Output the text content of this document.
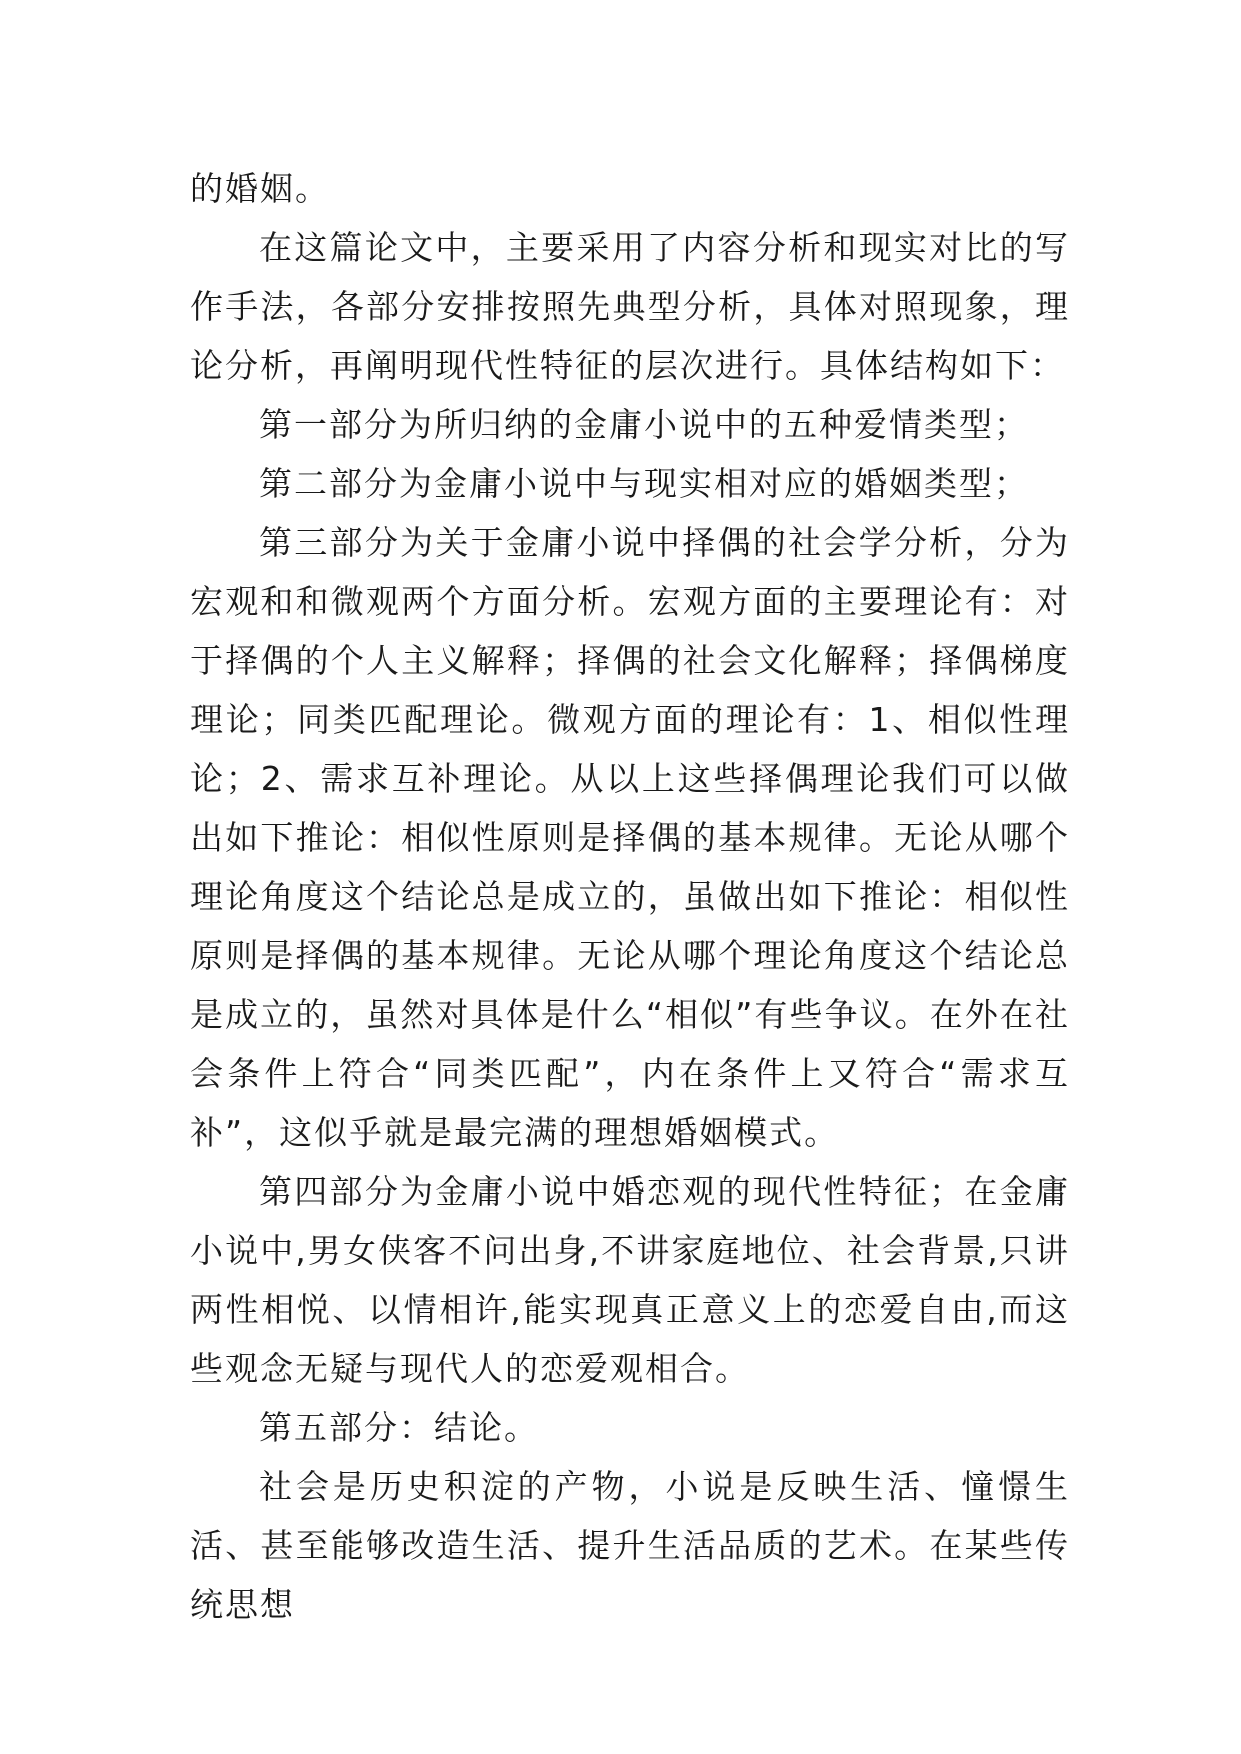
的婚姻。

在这篇论文中，主要采用了内容分析和现实对比的写作手法，各部分安排按照先典型分析，具体对照现象，理论分析，再阐明现代性特征的层次进行。具体结构如下：

第一部分为所归纳的金庸小说中的五种爱情类型；

第二部分为金庸小说中与现实相对应的婚姻类型；

第三部分为关于金庸小说中择偶的社会学分析，分为宏观和和微观两个方面分析。宏观方面的主要理论有：对于择偶的个人主义解释；择偶的社会文化解释；择偶梯度理论；同类匹配理论。微观方面的理论有：1、相似性理论；2、需求互补理论。从以上这些择偶理论我们可以做出如下推论：相似性原则是择偶的基本规律。无论从哪个理论角度这个结论总是成立的，虽做出如下推论：相似性原则是择偶的基本规律。无论从哪个理论角度这个结论总是成立的，虽然对具体是什么“相似”有些争议。在外在社会条件上符合“同类匹配”，内在条件上又符合“需求互补”，这似乎就是最完满的理想婚姻模式。

第四部分为金庸小说中婚恋观的现代性特征；在金庸小说中,男女侠客不问出身,不讲家庭地位、社会背景,只讲两性相悦、以情相许,能实现真正意义上的恋爱自由,而这些观念无疑与现代人的恋爱观相合。

第五部分：结论。

社会是历史积淀的产物，小说是反映生活、憧憬生活、甚至能够改造生活、提升生活品质的艺术。在某些传统思想
